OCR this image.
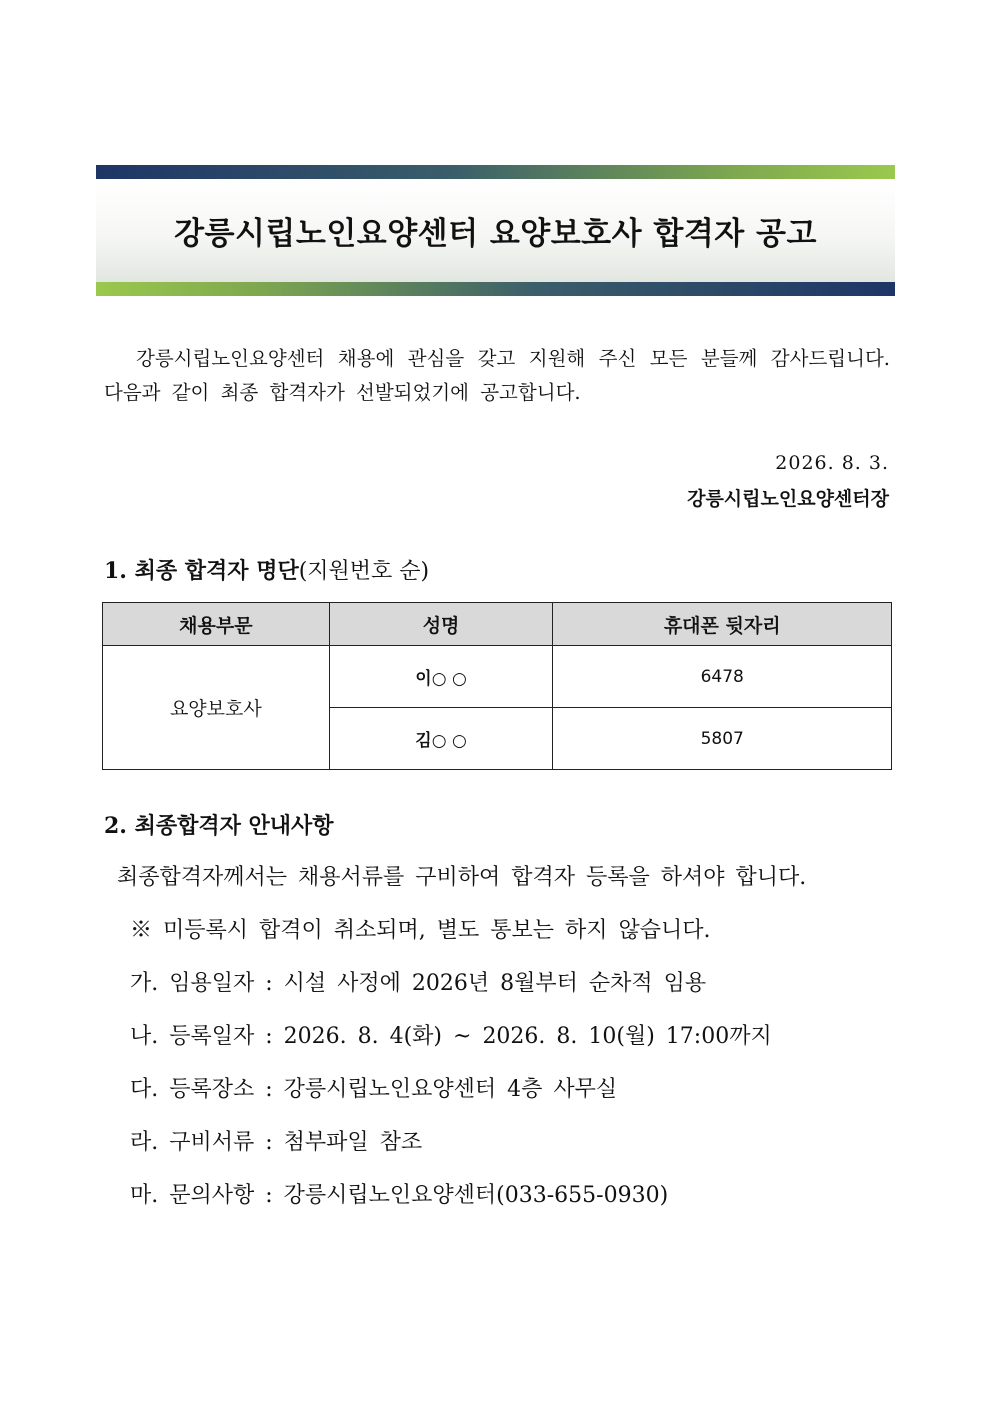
강릉시립노인요양센터 요양보호사 합격자 공고

강릉시립노인요양센터 채용에 관심을 갖고 지원해 주신 모든 분들께 감사드립니다. 다음과 같이 최종 합격자가 선발되었기에 공고합니다.

2026. 8. 3.
강릉시립노인요양센터장
1. 최종 합격자 명단(지원번호 순)
채용부문	성명	휴대폰 뒷자리
요양보호사	이○ ○	6478
	김○ ○	5807
2. 최종합격자 안내사항
최종합격자께서는 채용서류를 구비하여 합격자 등록을 하셔야 합니다.
※ 미등록시 합격이 취소되며, 별도 통보는 하지 않습니다.
가. 임용일자 : 시설 사정에 2026년 8월부터 순차적 임용
나. 등록일자 : 2026. 8. 4(화) ~ 2026. 8. 10(월) 17:00까지
다. 등록장소 : 강릉시립노인요양센터 4층 사무실
라. 구비서류 : 첨부파일 참조
마. 문의사항 : 강릉시립노인요양센터(033-655-0930)
